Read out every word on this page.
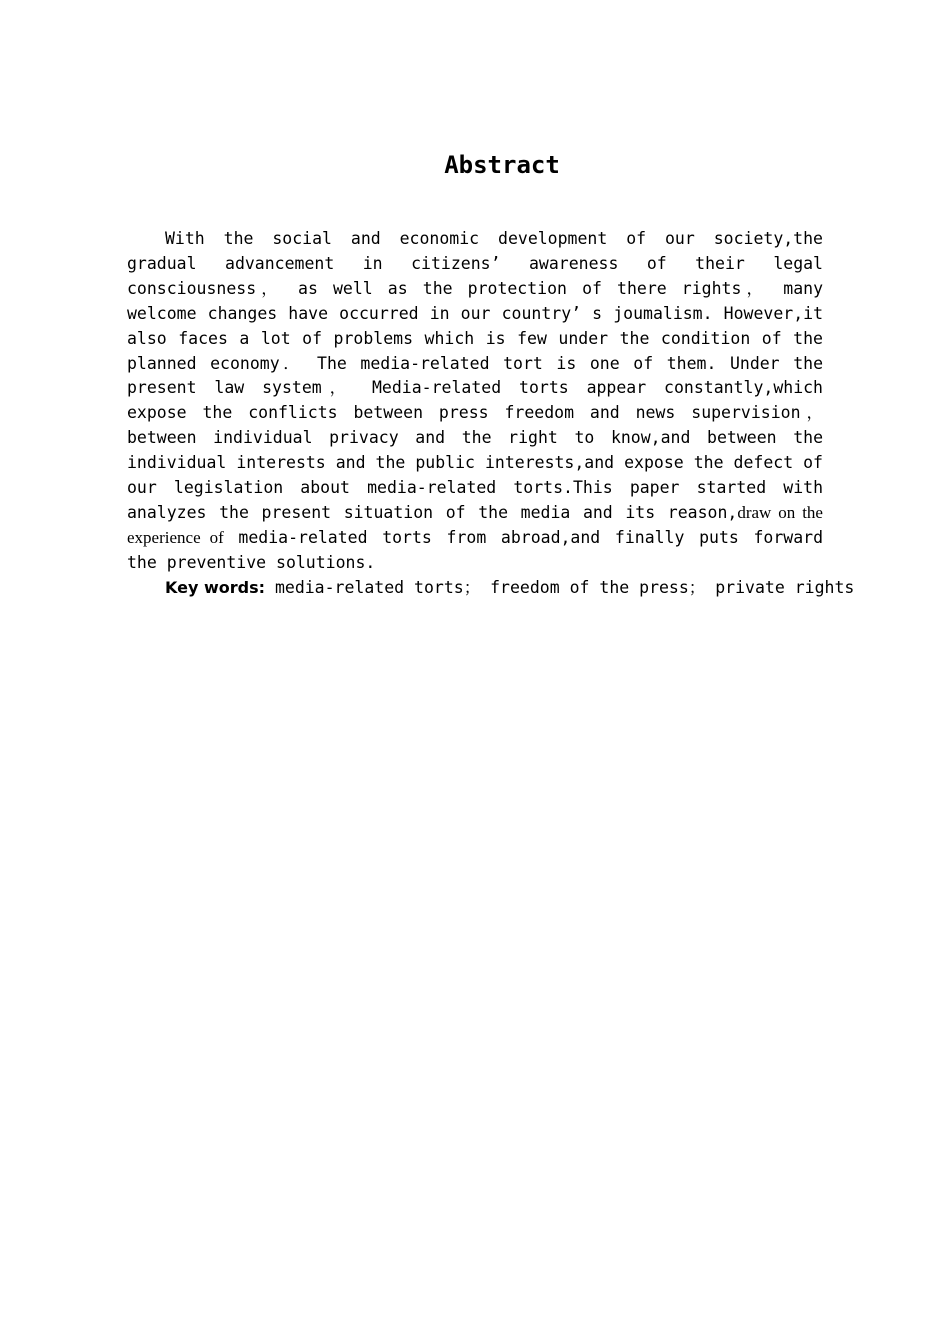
Abstract

With the social and economic development of our society,the gradual advancement in citizens’ awareness of their legal consciousness， as well as the protection of there rights， many welcome changes have occurred in our country’ s joumalism. However,it also faces a lot of problems which is few under the condition of the planned economy． The media-related tort is one of them. Under the present law system， Media-related torts appear constantly,which expose the conflicts between press freedom and news supervision， between individual privacy and the right to know,and between the individual interests and the public interests,and expose the defect of our legislation about media-related torts.This paper started with analyzes the present situation of the media and its reason,draw on the experience of media-related torts from abroad,and finally puts forward the preventive solutions.

Key words: media-related torts； freedom of the press； private rights
